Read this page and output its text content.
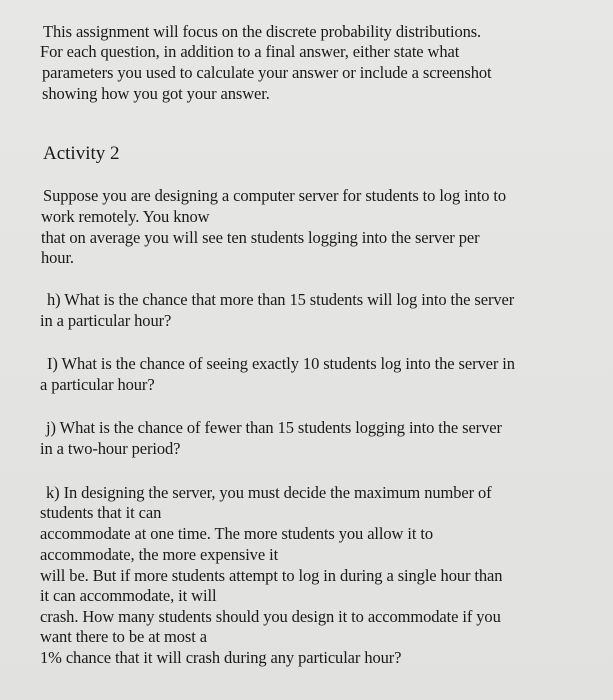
This assignment will focus on the discrete probability distributions.
For each question, in addition to a final answer, either state what
parameters you used to calculate your answer or include a screenshot
showing how you got your answer.
Activity 2
Suppose you are designing a computer server for students to log into to
work remotely. You know
that on average you will see ten students logging into the server per
hour.
h) What is the chance that more than 15 students will log into the server
in a particular hour?
I) What is the chance of seeing exactly 10 students log into the server in
a particular hour?
j) What is the chance of fewer than 15 students logging into the server
in a two-hour period?
k) In designing the server, you must decide the maximum number of
students that it can
accommodate at one time. The more students you allow it to
accommodate, the more expensive it
will be. But if more students attempt to log in during a single hour than
it can accommodate, it will
crash. How many students should you design it to accommodate if you
want there to be at most a
1% chance that it will crash during any particular hour?
